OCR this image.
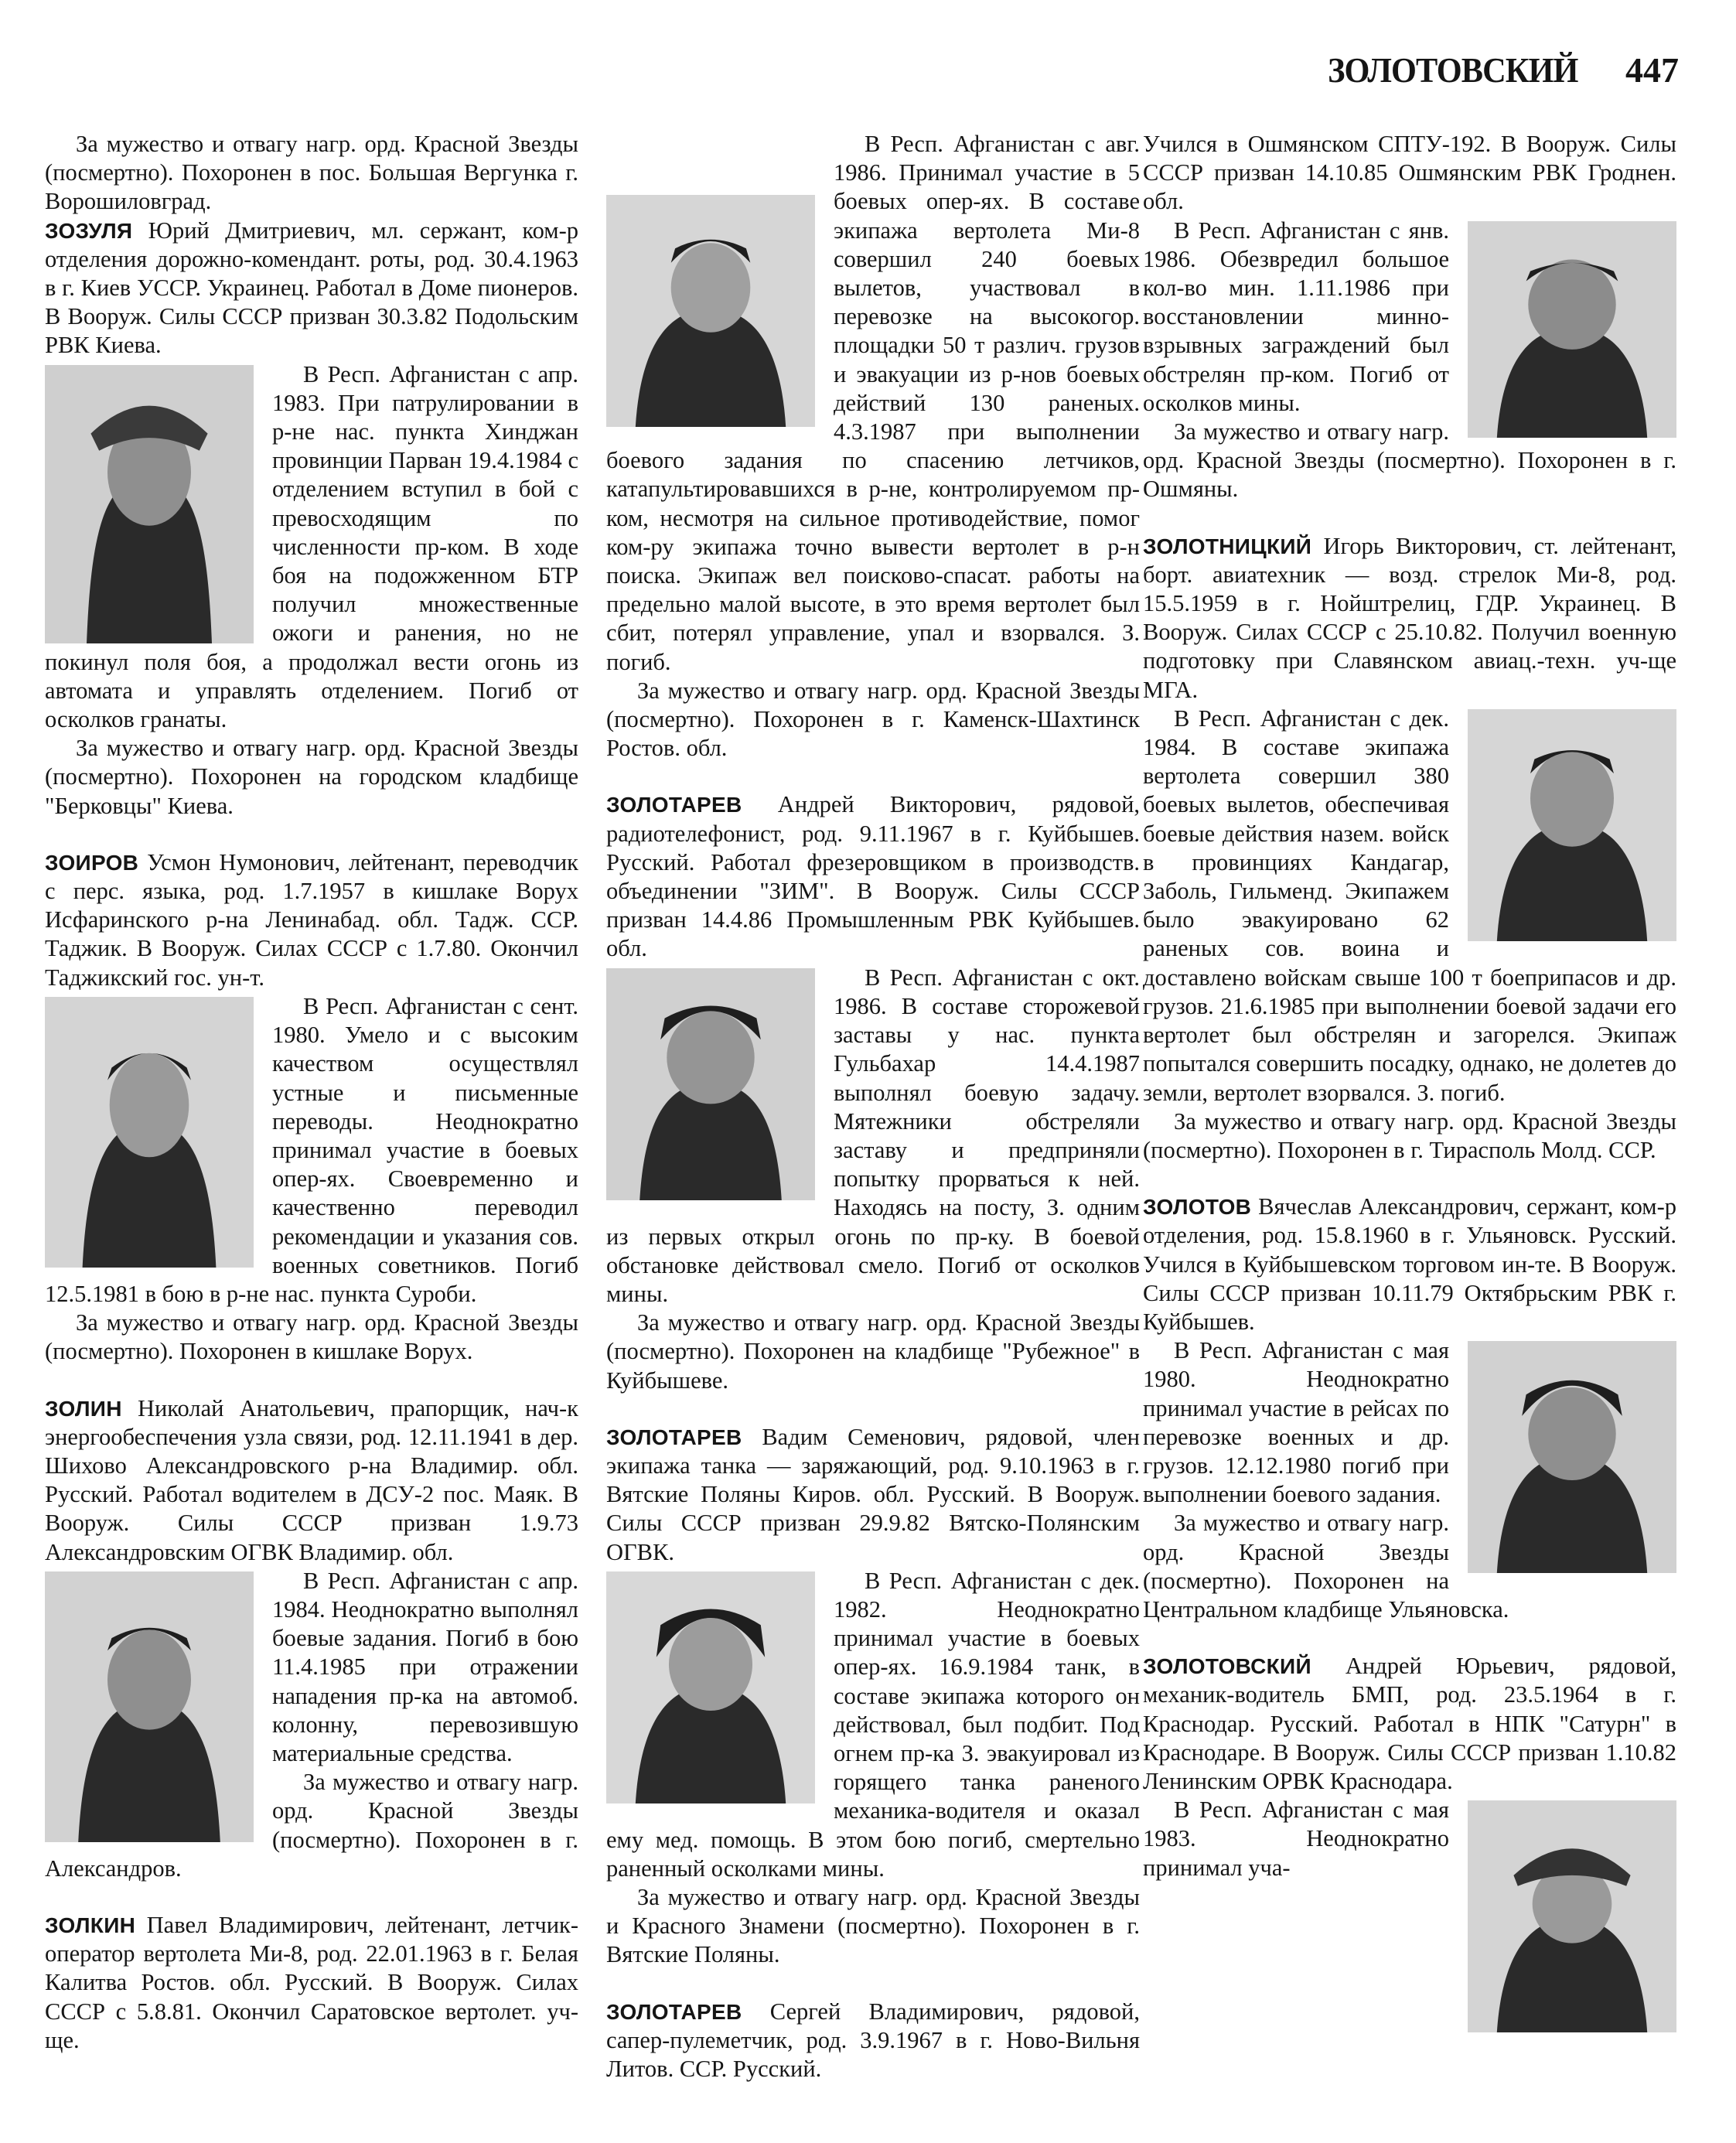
ЗОЛОТОВСКИЙ 447

За мужество и отвагу нагр. орд. Красной Звезды (посмертно). Похоронен в пос. Большая Вергунка г. Ворошиловград.

ЗОЗУЛЯ Юрий Дмитриевич, мл. сержант, ком-р отделения дорожно-комендант. роты, род. 30.4.1963 в г. Киев УССР. Украинец. Работал в Доме пионеров. В Вооруж. Силы СССР призван 30.3.82 Подольским РВК Киева.

В Респ. Афганистан с апр. 1983. При патрулировании в р-не нас. пункта Хинджан провинции Парван 19.4.1984 с отделением вступил в бой с превосходящим по численности пр-ком. В ходе боя на подожженном БТР получил множественные ожоги и ранения, но не покинул поля боя, а продолжал вести огонь из автомата и управлять отделением. Погиб от осколков гранаты.

За мужество и отвагу нагр. орд. Красной Звезды (посмертно). Похоронен на городском кладбище "Берковцы" Киева.

ЗОИРОВ Усмон Нумонович, лейтенант, переводчик с перс. языка, род. 1.7.1957 в кишлаке Ворух Исфаринского р-на Ленинабад. обл. Тадж. ССР. Таджик. В Вооруж. Силах СССР с 1.7.80. Окончил Таджикский гос. ун-т.

В Респ. Афганистан с сент. 1980. Умело и с высоким качеством осуществлял устные и письменные переводы. Неоднократно принимал участие в боевых опер-ях. Своевременно и качественно переводил рекомендации и указания сов. военных советников. Погиб 12.5.1981 в бою в р-не нас. пункта Суроби.

За мужество и отвагу нагр. орд. Красной Звезды (посмертно). Похоронен в кишлаке Ворух.

ЗОЛИН Николай Анатольевич, прапорщик, нач-к энергообеспечения узла связи, род. 12.11.1941 в дер. Шихово Александровского р-на Владимир. обл. Русский. Работал водителем в ДСУ-2 пос. Маяк. В Вооруж. Силы СССР призван 1.9.73 Александровским ОГВК Владимир. обл.

В Респ. Афганистан с апр. 1984. Неоднократно выполнял боевые задания. Погиб в бою 11.4.1985 при отражении нападения пр-ка на автомоб. колонну, перевозившую материальные средства.

За мужество и отвагу нагр. орд. Красной Звезды (посмертно). Похоронен в г. Александров.

ЗОЛКИН Павел Владимирович, лейтенант, летчик-оператор вертолета Ми-8, род. 22.01.1963 в г. Белая Калитва Ростов. обл. Русский. В Вооруж. Силах СССР с 5.8.81. Окончил Саратовское вертолет. уч-ще.

В Респ. Афганистан с авг. 1986. Принимал участие в 5 боевых опер-ях. В составе экипажа вертолета Ми-8 совершил 240 боевых вылетов, участвовал в перевозке на высокогор. площадки 50 т различ. грузов и эвакуации из р-нов боевых действий 130 раненых. 4.3.1987 при выполнении боевого задания по спасению летчиков, катапультировавшихся в р-не, контролируемом пр-ком, несмотря на сильное противодействие, помог ком-ру экипажа точно вывести вертолет в р-н поиска. Экипаж вел поисково-спасат. работы на предельно малой высоте, в это время вертолет был сбит, потерял управление, упал и взорвался. З. погиб.

За мужество и отвагу нагр. орд. Красной Звезды (посмертно). Похоронен в г. Каменск-Шахтинск Ростов. обл.

ЗОЛОТАРЕВ Андрей Викторович, рядовой, радиотелефонист, род. 9.11.1967 в г. Куйбышев. Русский. Работал фрезеровщиком в производств. объединении "ЗИМ". В Вооруж. Силы СССР призван 14.4.86 Промышленным РВК Куйбышев. обл.

В Респ. Афганистан с окт. 1986. В составе сторожевой заставы у нас. пункта Гульбахар 14.4.1987 выполнял боевую задачу. Мятежники обстреляли заставу и предприняли попытку прорваться к ней. Находясь на посту, З. одним из первых открыл огонь по пр-ку. В боевой обстановке действовал смело. Погиб от осколков мины.

За мужество и отвагу нагр. орд. Красной Звезды (посмертно). Похоронен на кладбище "Рубежное" в Куйбышеве.

ЗОЛОТАРЕВ Вадим Семенович, рядовой, член экипажа танка — заряжающий, род. 9.10.1963 в г. Вятские Поляны Киров. обл. Русский. В Вооруж. Силы СССР призван 29.9.82 Вятско-Полянским ОГВК.

В Респ. Афганистан с дек. 1982. Неоднократно принимал участие в боевых опер-ях. 16.9.1984 танк, в составе экипажа которого он действовал, был подбит. Под огнем пр-ка З. эвакуировал из горящего танка раненого механика-водителя и оказал ему мед. помощь. В этом бою погиб, смертельно раненный осколками мины.

За мужество и отвагу нагр. орд. Красной Звезды и Красного Знамени (посмертно). Похоронен в г. Вятские Поляны.

ЗОЛОТАРЕВ Сергей Владимирович, рядовой, сапер-пулеметчик, род. 3.9.1967 в г. Ново-Вильня Литов. ССР. Русский.

Учился в Ошмянском СПТУ-192. В Вооруж. Силы СССР призван 14.10.85 Ошмянским РВК Гроднен. обл.

В Респ. Афганистан с янв. 1986. Обезвредил большое кол-во мин. 1.11.1986 при восстановлении минно-взрывных заграждений был обстрелян пр-ком. Погиб от осколков мины.

За мужество и отвагу нагр. орд. Красной Звезды (посмертно). Похоронен в г. Ошмяны.

ЗОЛОТНИЦКИЙ Игорь Викторович, ст. лейтенант, борт. авиатехник — возд. стрелок Ми-8, род. 15.5.1959 в г. Нойштрелиц, ГДР. Украинец. В Вооруж. Силах СССР с 25.10.82. Получил военную подготовку при Славянском авиац.-техн. уч-ще МГА.

В Респ. Афганистан с дек. 1984. В составе экипажа вертолета совершил 380 боевых вылетов, обеспечивая боевые действия назем. войск в провинциях Кандагар, Заболь, Гильменд. Экипажем было эвакуировано 62 раненых сов. воина и доставлено войскам свыше 100 т боеприпасов и др. грузов. 21.6.1985 при выполнении боевой задачи его вертолет был обстрелян и загорелся. Экипаж попытался совершить посадку, однако, не долетев до земли, вертолет взорвался. З. погиб.

За мужество и отвагу нагр. орд. Красной Звезды (посмертно). Похоронен в г. Тирасполь Молд. ССР.

ЗОЛОТОВ Вячеслав Александрович, сержант, ком-р отделения, род. 15.8.1960 в г. Ульяновск. Русский. Учился в Куйбышевском торговом ин-те. В Вооруж. Силы СССР призван 10.11.79 Октябрьским РВК г. Куйбышев.

В Респ. Афганистан с мая 1980. Неоднократно принимал участие в рейсах по перевозке военных и др. грузов. 12.12.1980 погиб при выполнении боевого задания.

За мужество и отвагу нагр. орд. Красной Звезды (посмертно). Похоронен на Центральном кладбище Ульяновска.

ЗОЛОТОВСКИЙ Андрей Юрьевич, рядовой, механик-водитель БМП, род. 23.5.1964 в г. Краснодар. Русский. Работал в НПК "Сатурн" в Краснодаре. В Вооруж. Силы СССР призван 1.10.82 Ленинским ОРВК Краснодара.

В Респ. Афганистан с мая 1983. Неоднократно принимал уча-
